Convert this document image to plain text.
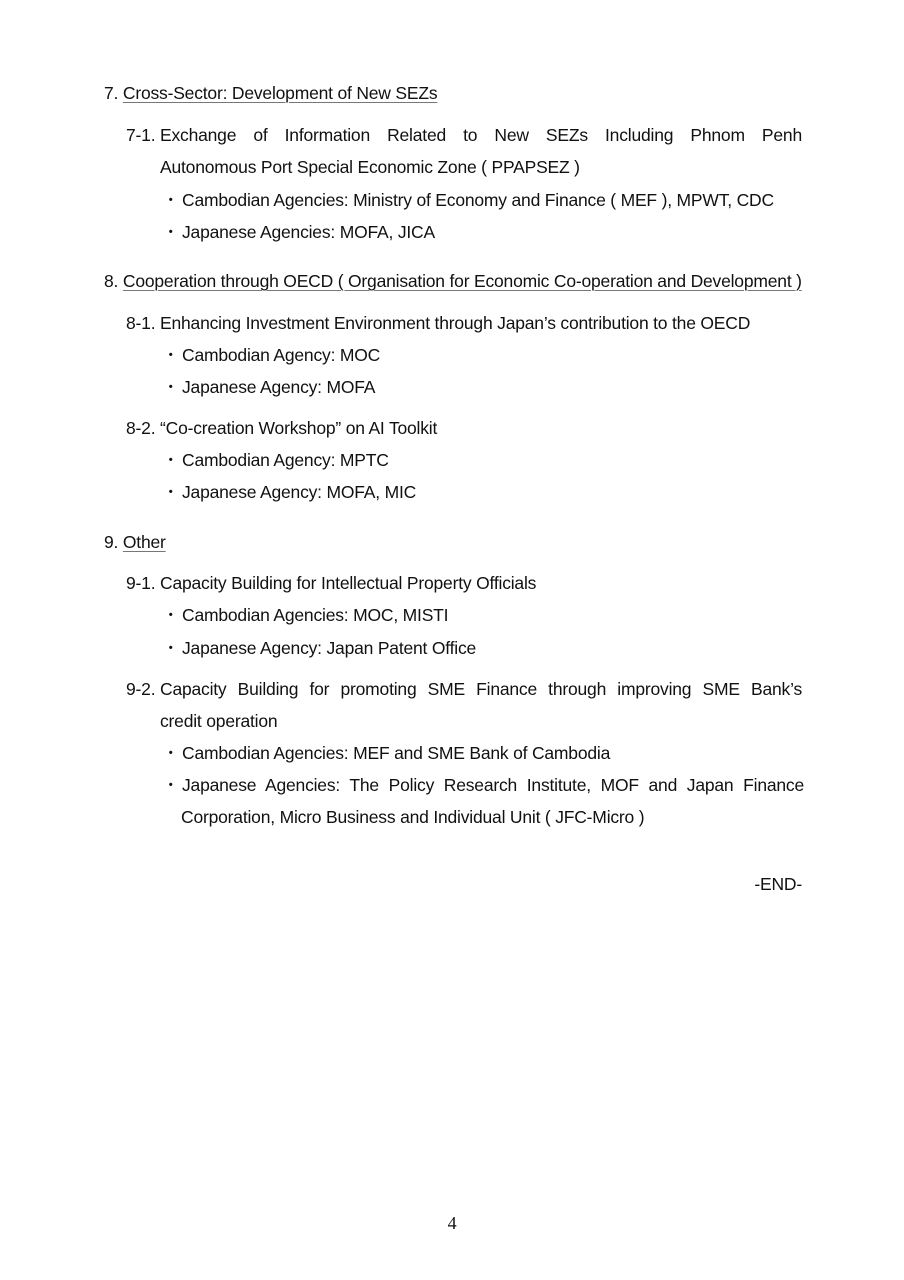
7. Cross-Sector: Development of New SEZs
7-1. Exchange of Information Related to New SEZs Including Phnom Penh
Autonomous Port Special Economic Zone ( PPAPSEZ )
・ Cambodian Agencies: Ministry of Economy and Finance ( MEF ), MPWT, CDC
・ Japanese Agencies: MOFA, JICA
8. Cooperation through OECD ( Organisation for Economic Co-operation and Development )
8-1. Enhancing Investment Environment through Japan’s contribution to the OECD
・ Cambodian Agency: MOC
・ Japanese Agency: MOFA
8-2. “Co-creation Workshop” on AI Toolkit
・ Cambodian Agency: MPTC
・ Japanese Agency: MOFA, MIC
9. Other
9-1. Capacity Building for Intellectual Property Officials
・ Cambodian Agencies: MOC, MISTI
・ Japanese Agency: Japan Patent Office
9-2. Capacity Building for promoting SME Finance through improving SME Bank’s
credit operation
・ Cambodian Agencies: MEF and SME Bank of Cambodia
・ Japanese Agencies: The Policy Research Institute, MOF and Japan Finance
Corporation, Micro Business and Individual Unit ( JFC-Micro )
-END-
4
